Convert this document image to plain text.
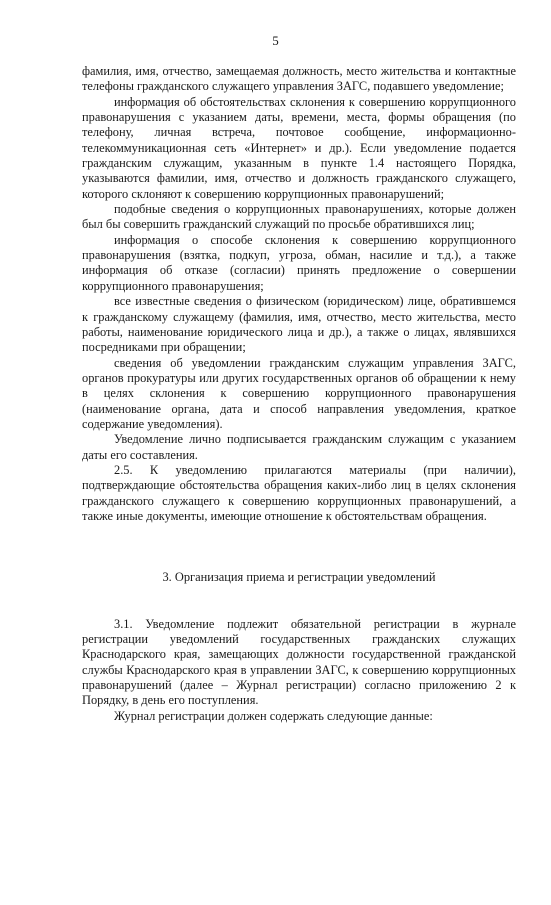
5

фамилия, имя, отчество, замещаемая должность, место жительства и контактные телефоны гражданского служащего управления ЗАГС, подавшего уведомление;

информация об обстоятельствах склонения к совершению коррупционного правонарушения с указанием даты, времени, места, формы обращения (по телефону, личная встреча, почтовое сообщение, информационно-телекоммуникационная сеть «Интернет» и др.). Если уведомление подается гражданским служащим, указанным в пункте 1.4 настоящего Порядка, указываются фамилии, имя, отчество и должность гражданского служащего, которого склоняют к совершению коррупционных правонарушений;

подобные сведения о коррупционных правонарушениях, которые должен был бы совершить гражданский служащий по просьбе обратившихся лиц;

информация о способе склонения к совершению коррупционного правонарушения (взятка, подкуп, угроза, обман, насилие и т.д.), а также информация об отказе (согласии) принять предложение о совершении коррупционного правонарушения;

все известные сведения о физическом (юридическом) лице, обратившемся к гражданскому служащему (фамилия, имя, отчество, место жительства, место работы, наименование юридического лица и др.), а также о лицах, являвшихся посредниками при обращении;

сведения об уведомлении гражданским служащим управления ЗАГС, органов прокуратуры или других государственных органов об обращении к нему в целях склонения к совершению коррупционного правонарушения (наименование органа, дата и способ направления уведомления, краткое содержание уведомления).

Уведомление лично подписывается гражданским служащим с указанием даты его составления.

2.5. К уведомлению прилагаются материалы (при наличии), подтверждающие обстоятельства обращения каких-либо лиц в целях склонения гражданского служащего к совершению коррупционных правонарушений, а также иные документы, имеющие отношение к обстоятельствам обращения.

3. Организация приема и регистрации уведомлений

3.1. Уведомление подлежит обязательной регистрации в журнале регистрации уведомлений государственных гражданских служащих Краснодарского края, замещающих должности государственной гражданской службы Краснодарского края в управлении ЗАГС, к совершению коррупционных правонарушений (далее – Журнал регистрации) согласно приложению 2 к Порядку, в день его поступления.

Журнал регистрации должен содержать следующие данные:
